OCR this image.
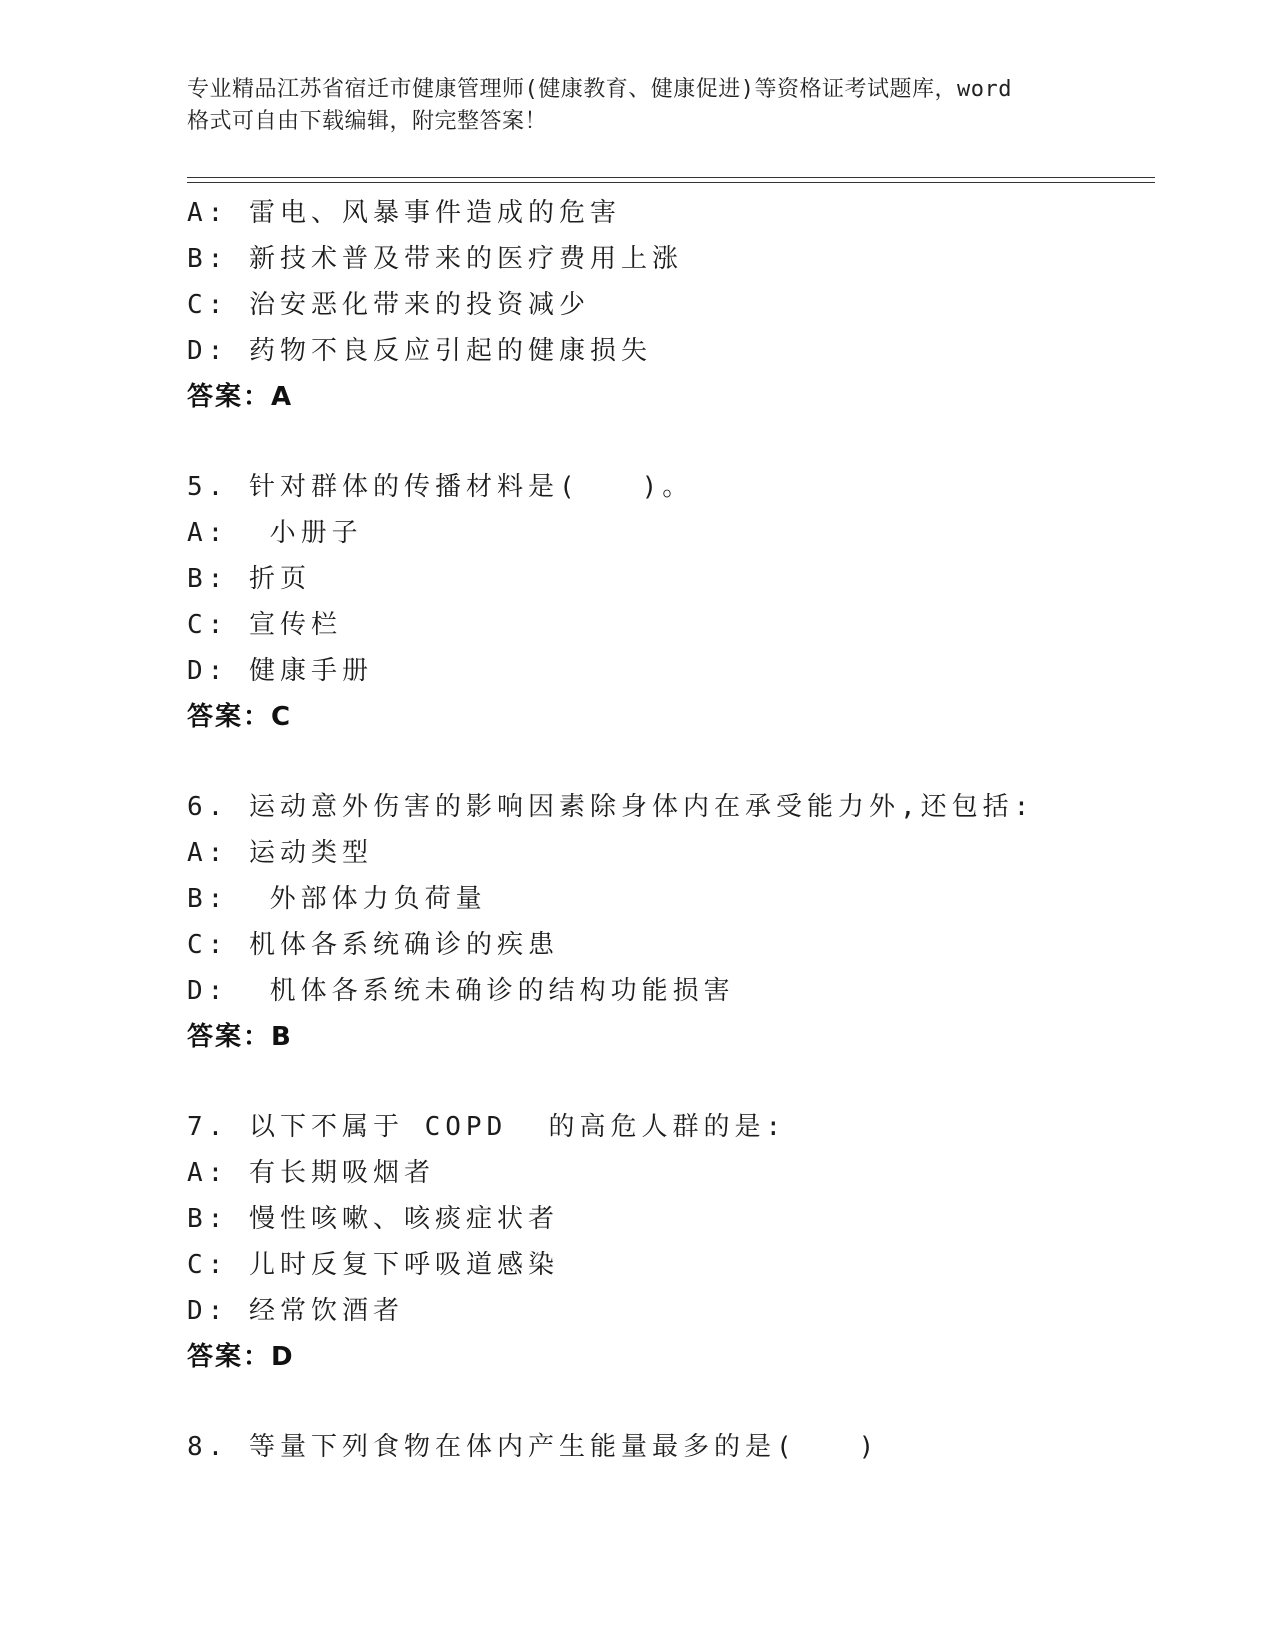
专业精品江苏省宿迁市健康管理师(健康教育、健康促进)等资格证考试题库，word
格式可自由下载编辑，附完整答案！
A: 雷电、风暴事件造成的危害
B: 新技术普及带来的医疗费用上涨
C: 治安恶化带来的投资减少
D: 药物不良反应引起的健康损失
答案：A
5. 针对群体的传播材料是(　　)。
A:  小册子
B: 折页
C: 宣传栏
D: 健康手册
答案：C
6. 运动意外伤害的影响因素除身体内在承受能力外,还包括:
A: 运动类型
B:  外部体力负荷量
C: 机体各系统确诊的疾患
D:  机体各系统未确诊的结构功能损害
答案：B
7. 以下不属于 COPD  的高危人群的是:
A: 有长期吸烟者
B: 慢性咳嗽、咳痰症状者
C: 儿时反复下呼吸道感染
D: 经常饮酒者
答案：D
8. 等量下列食物在体内产生能量最多的是(　　)
